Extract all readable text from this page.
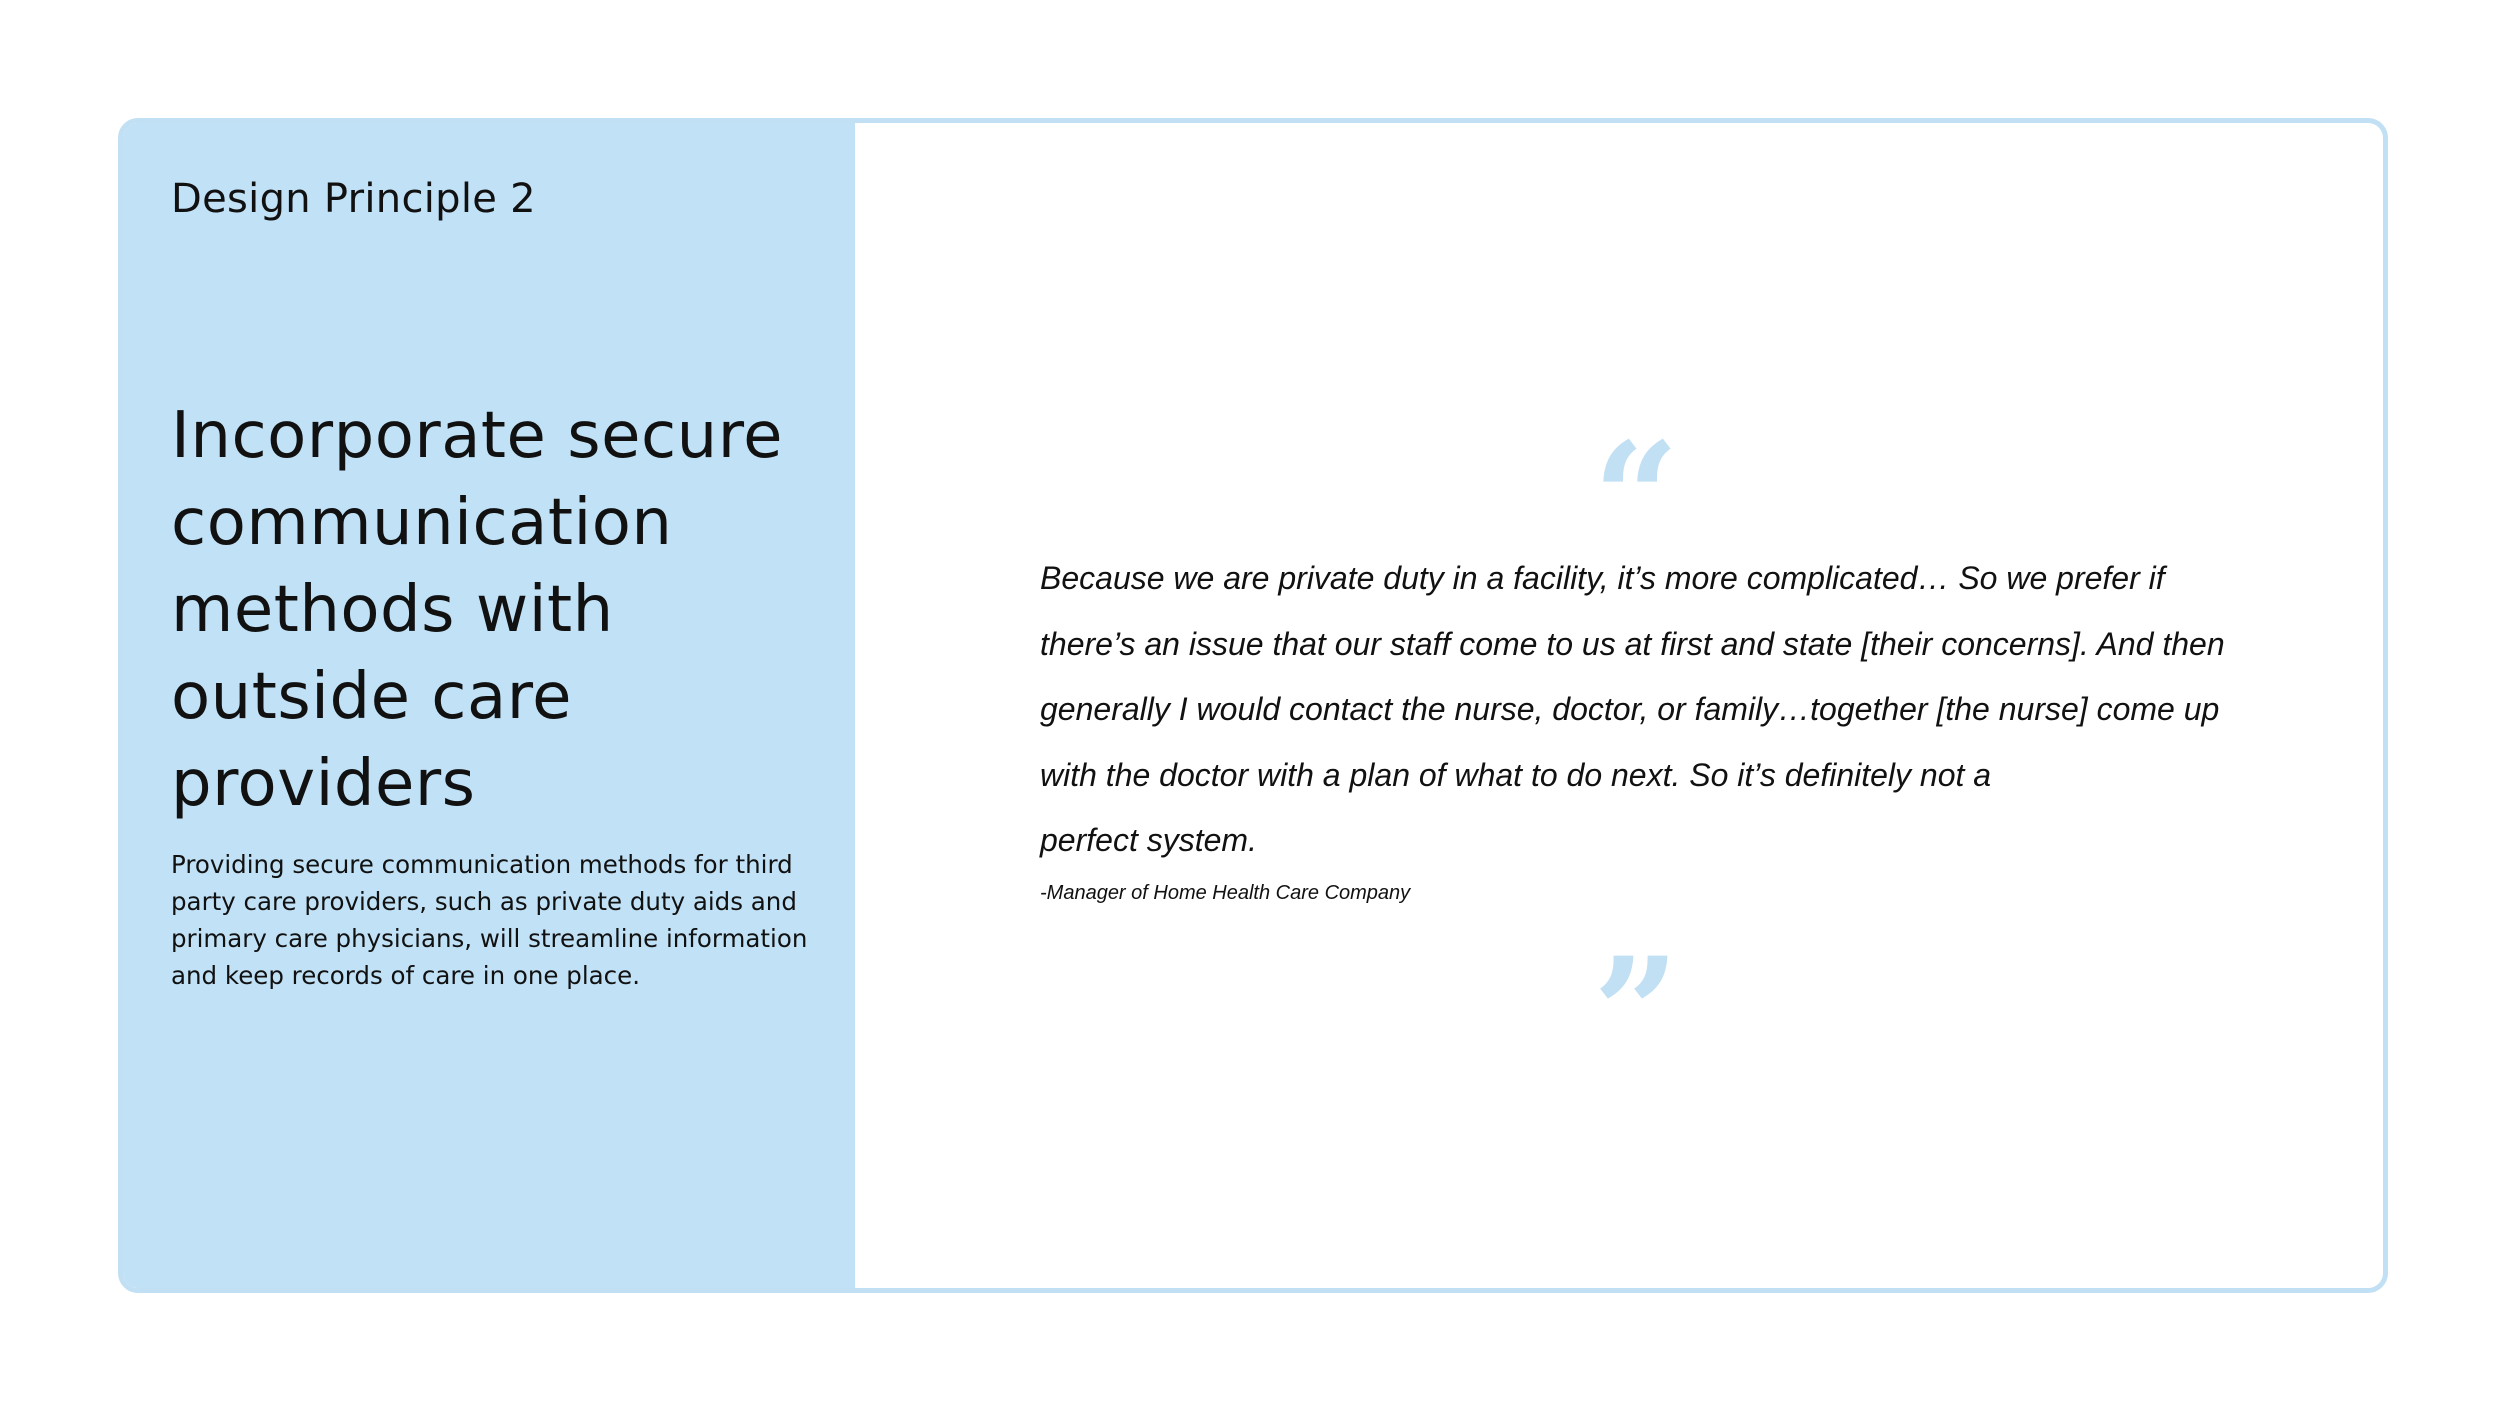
Design Principle 2
Incorporate secure
communication
methods with
outside care
providers
Providing secure communication methods for third party care providers, such as private duty aids and primary care physicians, will streamline information and keep records of care in one place.
“
Because we are private duty in a facility, it’s more complicated… So we prefer if
there’s an issue that our staff come to us at first and state [their concerns]. And then
generally I would contact the nurse, doctor, or family…together [the nurse] come up
with the doctor with a plan of what to do next. So it’s definitely not a
perfect system.
-Manager of Home Health Care Company
”
